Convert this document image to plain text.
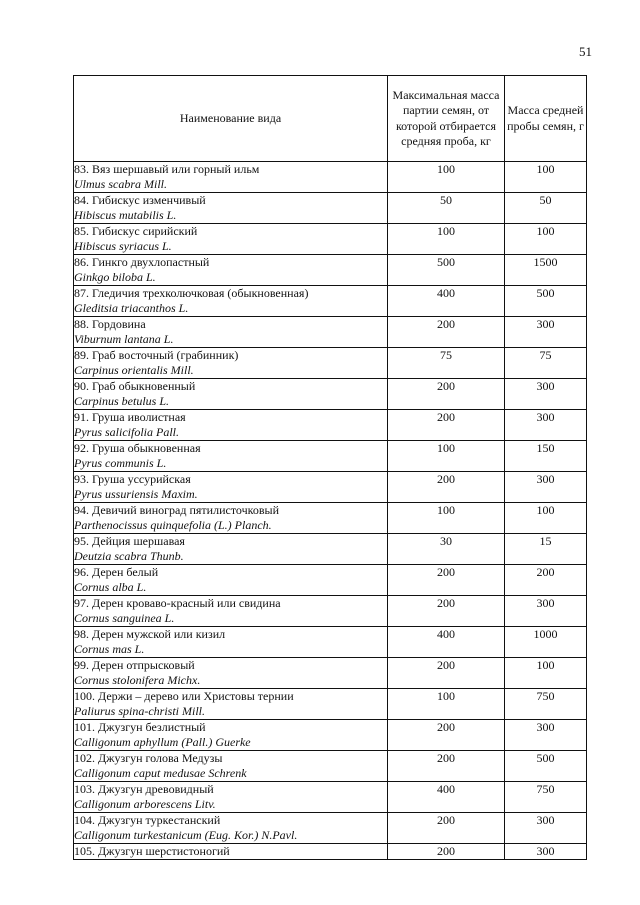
51
Наименование вида	Максимальная масса партии семян, от которой отбирается средняя проба, кг	Масса средней пробы семян, г

83. Вяз шершавый или горный ильм
Ulmus scabra Mill.	100	100

84. Гибискус изменчивый
Hibiscus mutabilis L.	50	50

85. Гибискус сирийский
Hibiscus syriacus L.	100	100

86. Гинкго двухлопастный
Ginkgo biloba L.	500	1500

87. Гледичия трехколючковая (обыкновенная)
Gleditsia triacanthos L.	400	500

88. Гордовина
Viburnum lantana L.	200	300

89. Граб восточный (грабинник)
Carpinus orientalis Mill.	75	75

90. Граб обыкновенный
Carpinus betulus L.	200	300

91. Груша иволистная
Pyrus salicifolia Pall.	200	300

92. Груша обыкновенная
Pyrus communis L.	100	150

93. Груша уссурийская
Pyrus ussuriensis Maxim.	200	300

94. Девичий виноград пятилисточковый
Parthenocissus quinquefolia (L.) Planch.	100	100

95. Дейция шершавая
Deutzia scabra Thunb.	30	15

96. Дерен белый
Cornus alba L.	200	200

97. Дерен кроваво-красный или свидина
Cornus sanguinea L.	200	300

98. Дерен мужской или кизил
Cornus mas L.	400	1000

99. Дерен отпрысковый
Cornus stolonifera Michx.	200	100

100. Держи – дерево или Христовы тернии
Paliurus spina-christi Mill.	100	750

101. Джузгун безлистный
Calligonum aphyllum (Pall.) Guerke	200	300

102. Джузгун голова Медузы
Calligonum caput medusae Schrenk	200	500

103. Джузгун древовидный
Calligonum arborescens Litv.	400	750

104. Джузгун туркестанский
Calligonum turkestanicum (Eug. Kor.) N.Pavl.	200	300

105. Джузгун шерстистоногий	200	300
